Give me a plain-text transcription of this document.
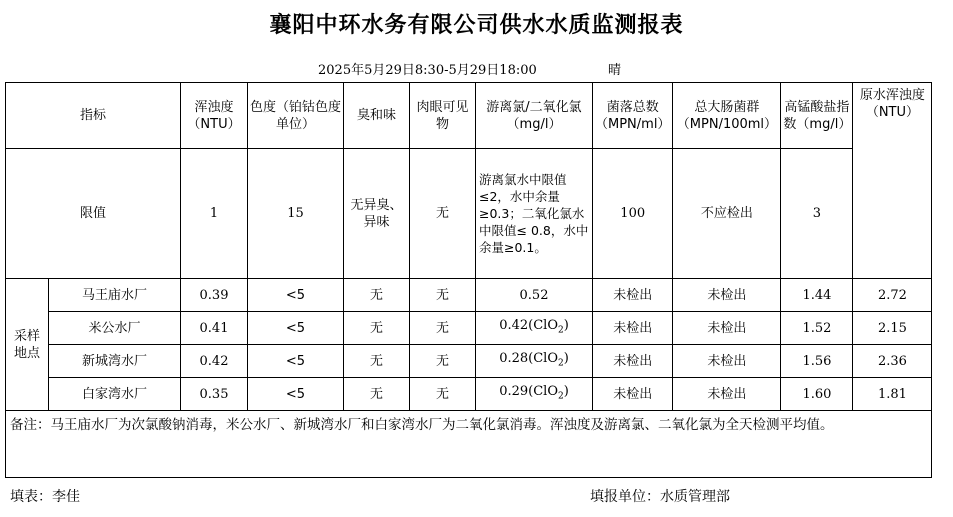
襄阳中环水务有限公司供水水质监测报表
2025年5月29日8:30-5月29日18:00	晴
指标		浑浊度（NTU）	色度（铂钴色度单位）	臭和味	肉眼可见物	游离氯/二氧化氯（mg/l）	菌落总数（MPN/ml）	总大肠菌群（MPN/100ml）	高锰酸盐指数（mg/l）	原水浑浊度（NTU）
限值		1	15	无异臭、异味	无	游离氯水中限值 ≤2，水中余量≥0.3；二氧化氯水中限值≤ 0.8，水中余量≥0.1。	100	不应检出	3	
采样地点	马王庙水厂	0.39	<5	无	无	0.52	未检出	未检出	1.44	2.72
	米公水厂	0.41	<5	无	无	0.42(ClO$_2$)	未检出	未检出	1.52	2.15
	新城湾水厂	0.42	<5	无	无	0.28(ClO$_2$)	未检出	未检出	1.56	2.36
	白家湾水厂	0.35	<5	无	无	0.29(ClO$_2$)	未检出	未检出	1.60	1.81
备注：马王庙水厂为次氯酸钠消毒，米公水厂、新城湾水厂和白家湾水厂为二氧化氯消毒。浑浊度及游离氯、二氧化氯为全天检测平均值。										
填表：李佳	填报单位：水质管理部
